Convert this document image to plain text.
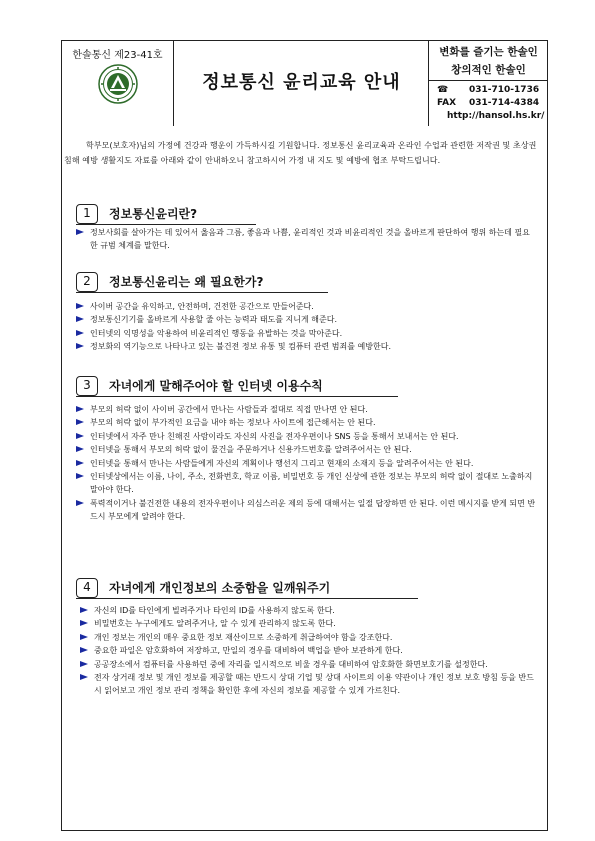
한솔통신 제23-41호
정보통신 윤리교육 안내
변화를 즐기는 한솔인
창의적인 한솔인
☎ 031-710-1736
FAX 031-714-4384
http://hansol.hs.kr/
학부모(보호자)님의 가정에 건강과 행운이 가득하시길 기원합니다. 정보통신 윤리교육과 온라인 수업과 관련한 저작권 및 초상권 침해 예방 생활지도 자료를 아래와 같이 안내하오니 참고하시어 가정 내 지도 및 예방에 협조 부탁드립니다.
1	정보통신윤리란?
정보사회를 살아가는 데 있어서 옳음과 그름, 좋음과 나쁨, 윤리적인 것과 비윤리적인 것을 올바르게 판단하여 행위 하는데 필요한 규범 체계를 말한다.
2	정보통신윤리는 왜 필요한가?
사이버 공간을 유익하고, 안전하며, 건전한 공간으로 만들어준다.
정보통신기기를 올바르게 사용할 줄 아는 능력과 태도를 지니게 해준다.
인터넷의 익명성을 악용하여 비윤리적인 행동을 유발하는 것을 막아준다.
정보화의 역기능으로 나타나고 있는 불건전 정보 유통 및 컴퓨터 관련 범죄를 예방한다.
3	자녀에게 말해주어야 할 인터넷 이용수칙
부모의 허락 없이 사이버 공간에서 만나는 사람들과 절대로 직접 만나면 안 된다.
부모의 허락 없이 부가적인 요금을 내야 하는 정보나 사이트에 접근해서는 안 된다.
인터넷에서 자주 만나 친해진 사람이라도 자신의 사진을 전자우편이나 SNS 등을 통해서 보내서는 안 된다.
인터넷을 통해서 부모의 허락 없이 물건을 주문하거나 신용카드번호를 알려주어서는 안 된다.
인터넷을 통해서 만나는 사람들에게 자신의 계획이나 행선지 그리고 현재의 소재지 등을 알려주어서는 안 된다.
인터넷상에서는 이름, 나이, 주소, 전화번호, 학교 이름, 비밀번호 등 개인 신상에 관한 정보는 부모의 허락 없이 절대로 노출하지 말아야 한다.
폭력적이거나 불건전한 내용의 전자우편이나 의심스러운 제의 등에 대해서는 일절 답장하면 안 된다. 이런 메시지를 받게 되면 반드시 부모에게 알려야 한다.
4	자녀에게 개인정보의 소중함을 일깨워주기
자신의 ID를 타인에게 빌려주거나 타인의 ID를 사용하지 않도록 한다.
비밀번호는 누구에게도 알려주거나, 알 수 있게 관리하지 않도록 한다.
개인 정보는 개인의 매우 중요한 정보 재산이므로 소중하게 취급하여야 함을 강조한다.
중요한 파일은 암호화하여 저장하고, 만일의 경우를 대비하여 백업을 받아 보관하게 한다.
공공장소에서 컴퓨터를 사용하던 중에 자리를 일시적으로 비울 경우를 대비하여 암호화한 화면보호기를 설정한다.
전자 상거래 정보 및 개인 정보를 제공할 때는 반드시 상대 기업 및 상대 사이트의 이용 약관이나 개인 정보 보호 방침 등을 반드시 읽어보고 개인 정보 관리 정책을 확인한 후에 자신의 정보를 제공할 수 있게 가르친다.
